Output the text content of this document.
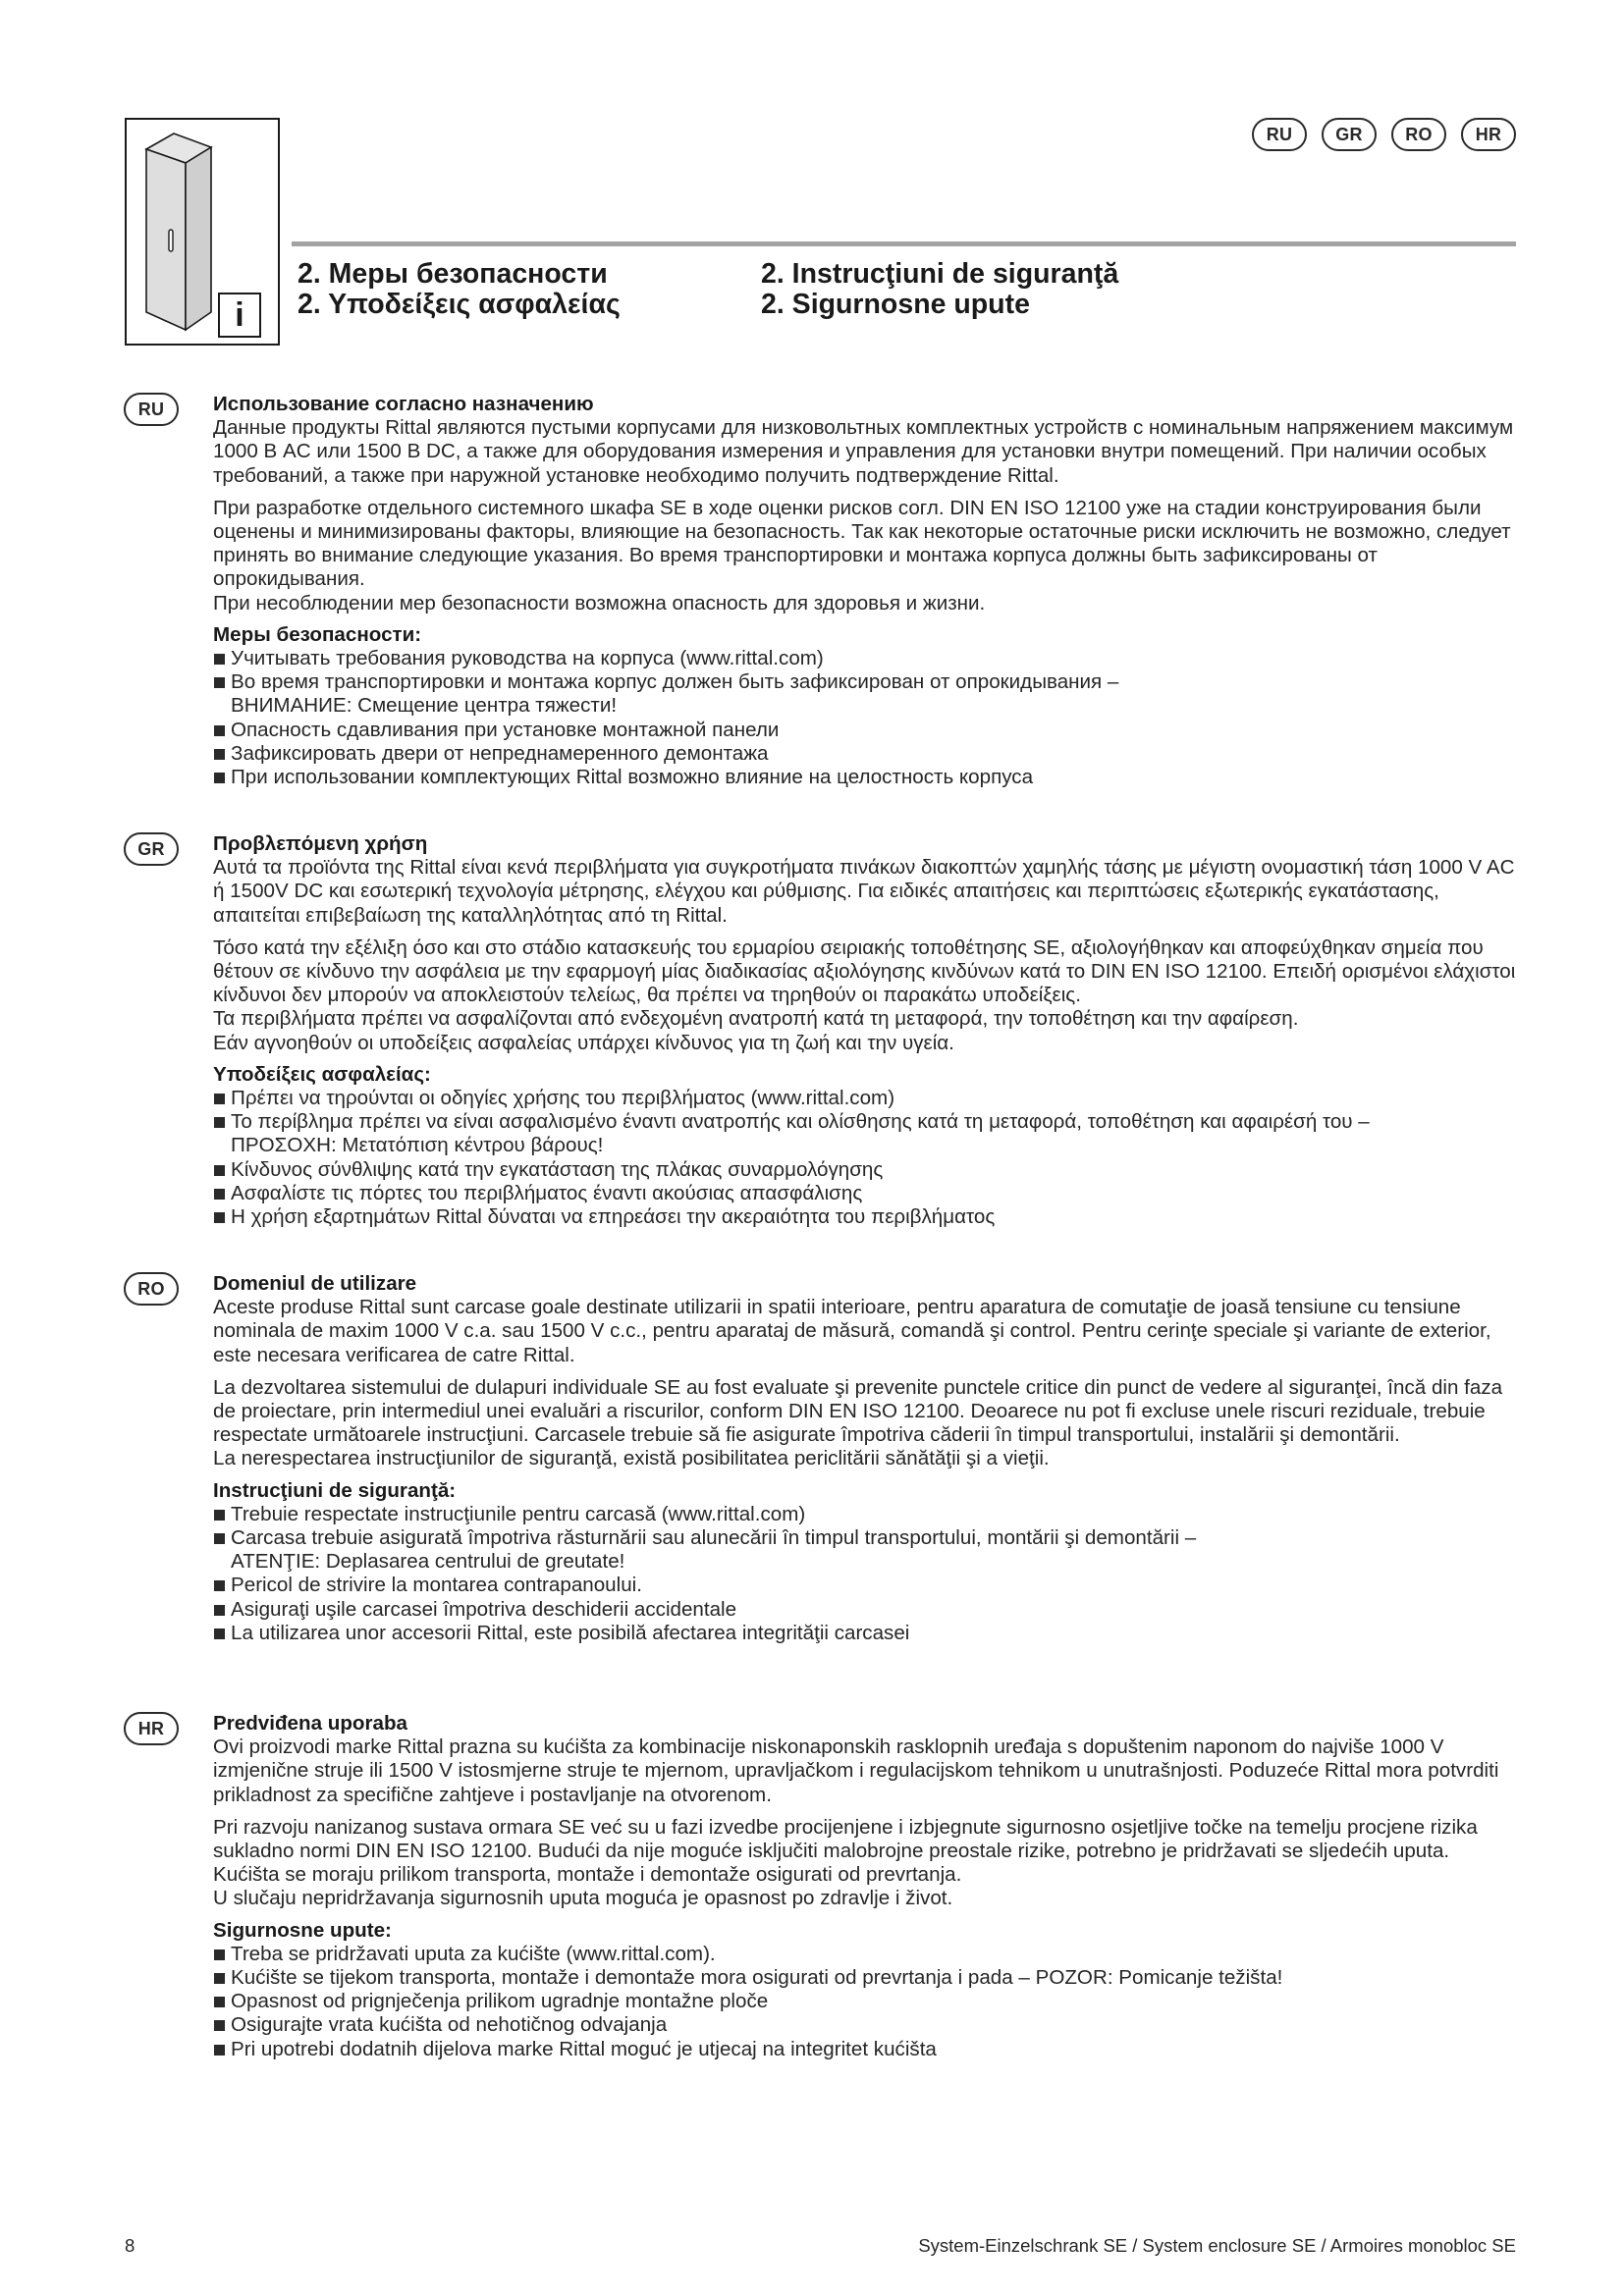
i
RU	GR	RO	HR
2. Меры безопасности
2. Υποδείξεις ασφαλείας
2. Instrucţiuni de siguranţă
2. Sigurnosne upute
RU	Использование согласно назначению

Данные продукты Rittal являются пустыми корпусами для низковольтных комплектных устройств с номинальным напряжением максимум 1000 В AC или 1500 В DC, а также для оборудования измерения и управления для установки внутри помещений. При наличии особых требований, а также при наружной установке необходимо получить подтверждение Rittal.

При разработке отдельного системного шкафа SE в ходе оценки рисков согл. DIN EN ISO 12100 уже на стадии конструирования были оценены и минимизированы факторы, влияющие на безопасность. Так как некоторые остаточные риски исключить не возможно, следует принять во внимание следующие указания. Во время транспортировки и монтажа корпуса должны быть зафиксированы от опрокидывания.
При несоблюдении мер безопасности возможна опасность для здоровья и жизни.

Меры безопасности:
Учитывать требования руководства на корпуса (www.rittal.com)
Во время транспортировки и монтажа корпус должен быть зафиксирован от опрокидывания –
ВНИМАНИЕ: Смещение центра тяжести!
Опасность сдавливания при установке монтажной панели
Зафиксировать двери от непреднамеренного демонтажа
При использовании комплектующих Rittal возможно влияние на целостность корпуса
GR	Προβλεπόμενη χρήση

Αυτά τα προϊόντα της Rittal είναι κενά περιβλήματα για συγκροτήματα πινάκων διακοπτών χαμηλής τάσης με μέγιστη ονομαστική τάση 1000 V AC ή 1500V DC και εσωτερική τεχνολογία μέτρησης, ελέγχου και ρύθμισης. Για ειδικές απαιτήσεις και περιπτώσεις εξωτερικής εγκατάστασης, απαιτείται επιβεβαίωση της καταλληλότητας από τη Rittal.

Τόσο κατά την εξέλιξη όσο και στο στάδιο κατασκευής του ερμαρίου σειριακής τοποθέτησης SE, αξιολογήθηκαν και αποφεύχθηκαν σημεία που θέτουν σε κίνδυνο την ασφάλεια με την εφαρμογή μίας διαδικασίας αξιολόγησης κινδύνων κατά το DIN EN ISO 12100. Επειδή ορισμένοι ελάχιστοι κίνδυνοι δεν μπορούν να αποκλειστούν τελείως, θα πρέπει να τηρηθούν οι παρακάτω υποδείξεις.
Τα περιβλήματα πρέπει να ασφαλίζονται από ενδεχομένη ανατροπή κατά τη μεταφορά, την τοποθέτηση και την αφαίρεση.
Εάν αγνοηθούν οι υποδείξεις ασφαλείας υπάρχει κίνδυνος για τη ζωή και την υγεία.

Υποδείξεις ασφαλείας:
Πρέπει να τηρούνται οι οδηγίες χρήσης του περιβλήματος (www.rittal.com)
Το περίβλημα πρέπει να είναι ασφαλισμένο έναντι ανατροπής και ολίσθησης κατά τη μεταφορά, τοποθέτηση και αφαιρέσή του –
ΠΡΟΣΟΧΗ: Μετατόπιση κέντρου βάρους!
Κίνδυνος σύνθλιψης κατά την εγκατάσταση της πλάκας συναρμολόγησης
Ασφαλίστε τις πόρτες του περιβλήματος έναντι ακούσιας απασφάλισης
Η χρήση εξαρτημάτων Rittal δύναται να επηρεάσει την ακεραιότητα του περιβλήματος
RO	Domeniul de utilizare

Aceste produse Rittal sunt carcase goale destinate utilizarii in spatii interioare, pentru aparatura de comutaţie de joasă tensiune cu tensiune nominala de maxim 1000 V c.a. sau 1500 V c.c., pentru aparataj de măsură, comandă şi control. Pentru cerinţe speciale şi variante de exterior, este necesara verificarea de catre Rittal.

La dezvoltarea sistemului de dulapuri individuale SE au fost evaluate şi prevenite punctele critice din punct de vedere al siguranţei, încă din faza de proiectare, prin intermediul unei evaluări a riscurilor, conform DIN EN ISO 12100. Deoarece nu pot fi excluse unele riscuri reziduale, trebuie respectate următoarele instrucţiuni. Carcasele trebuie să fie asigurate împotriva căderii în timpul transportului, instalării şi demontării.
La nerespectarea instrucţiunilor de siguranţă, există posibilitatea periclitării sănătăţii şi a vieţii.

Instrucţiuni de siguranţă:
Trebuie respectate instrucţiunile pentru carcasă (www.rittal.com)
Carcasa trebuie asigurată împotriva răsturnării sau alunecării în timpul transportului, montării şi demontării –
ATENŢIE: Deplasarea centrului de greutate!
Pericol de strivire la montarea contrapanoului.
Asiguraţi uşile carcasei împotriva deschiderii accidentale
La utilizarea unor accesorii Rittal, este posibilă afectarea integrităţii carcasei
HR	Predviđena uporaba

Ovi proizvodi marke Rittal prazna su kućišta za kombinacije niskonaponskih rasklopnih uređaja s dopuštenim naponom do najviše 1000 V izmjenične struje ili 1500 V istosmjerne struje te mjernom, upravljačkom i regulacijskom tehnikom u unutrašnjosti. Poduzeće Rittal mora potvrditi prikladnost za specifične zahtjeve i postavljanje na otvorenom.

Pri razvoju nanizanog sustava ormara SE već su u fazi izvedbe procijenjene i izbjegnute sigurnosno osjetljive točke na temelju procjene rizika sukladno normi DIN EN ISO 12100. Budući da nije moguće isključiti malobrojne preostale rizike, potrebno je pridržavati se sljedećih uputa. Kućišta se moraju prilikom transporta, montaže i demontaže osigurati od prevrtanja.
U slučaju nepridržavanja sigurnosnih uputa moguća je opasnost po zdravlje i život.

Sigurnosne upute:
Treba se pridržavati uputa za kućište (www.rittal.com).
Kućište se tijekom transporta, montaže i demontaže mora osigurati od prevrtanja i pada – POZOR: Pomicanje težišta!
Opasnost od prignječenja prilikom ugradnje montažne ploče
Osigurajte vrata kućišta od nehotičnog odvajanja
Pri upotrebi dodatnih dijelova marke Rittal moguć je utjecaj na integritet kućišta
8	System-Einzelschrank SE / System enclosure SE / Armoires monobloc SE
